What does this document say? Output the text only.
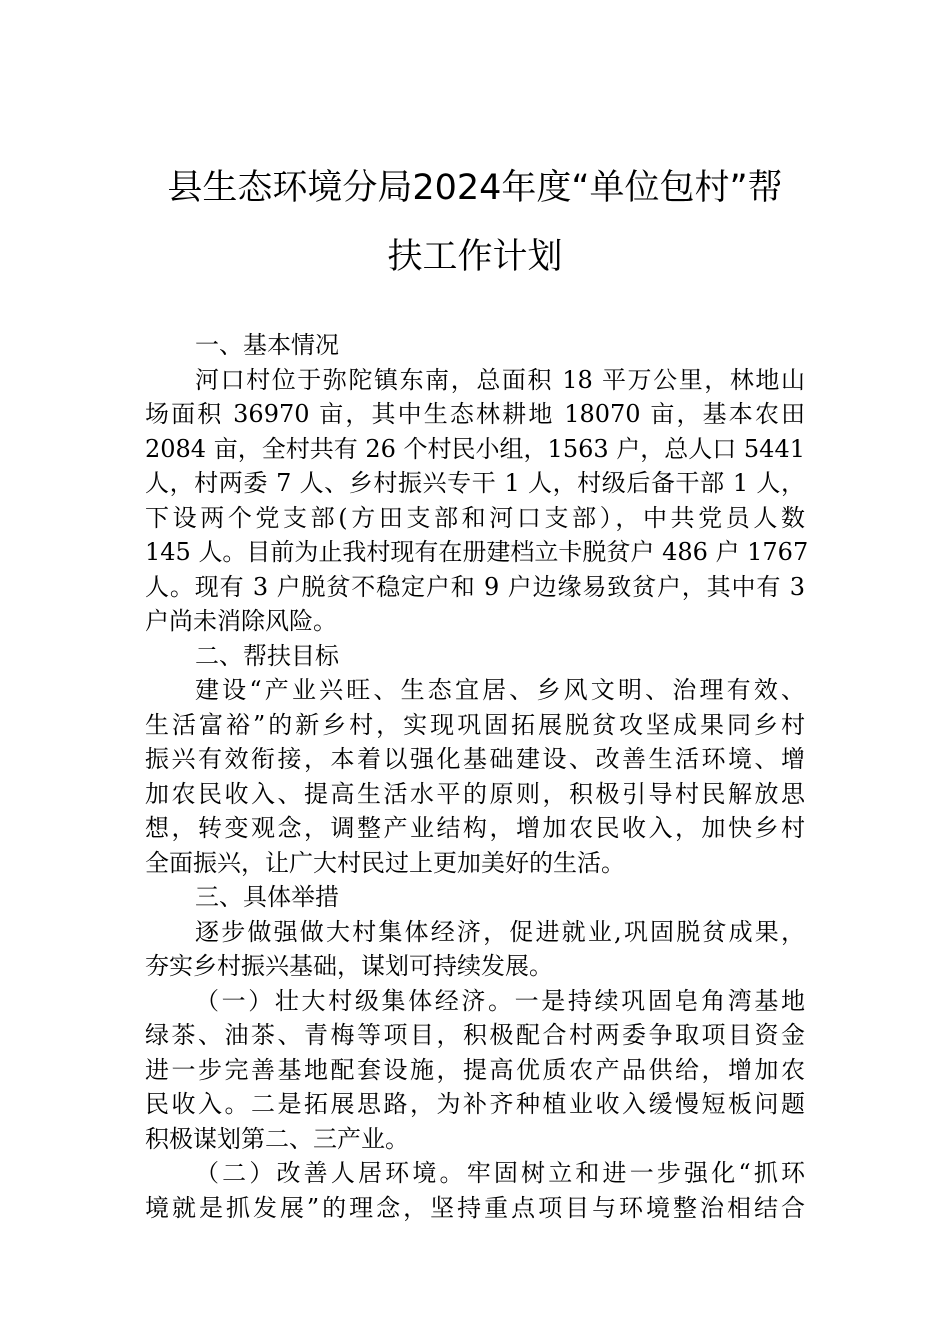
县生态环境分局2024年度“单位包村”帮
扶工作计划
一、基本情况
河口村位于弥陀镇东南，总面积 18 平万公里，林地山
场面积 36970 亩，其中生态林耕地 18070 亩，基本农田
2084 亩，全村共有 26 个村民小组，1563 户，总人口 5441
人，村两委 7 人、乡村振兴专干 1 人，村级后备干部 1 人，
下设两个党支部(方田支部和河口支部），中共党员人数
145 人。目前为止我村现有在册建档立卡脱贫户 486 户 1767
人。现有 3 户脱贫不稳定户和 9 户边缘易致贫户，其中有 3
户尚未消除风险。
二、帮扶目标
建设“产业兴旺、生态宜居、乡风文明、治理有效、
生活富裕”的新乡村，实现巩固拓展脱贫攻坚成果同乡村
振兴有效衔接，本着以强化基础建设、改善生活环境、增
加农民收入、提高生活水平的原则，积极引导村民解放思
想，转变观念，调整产业结构，增加农民收入，加快乡村
全面振兴，让广大村民过上更加美好的生活。
三、具体举措
逐步做强做大村集体经济，促进就业,巩固脱贫成果，
夯实乡村振兴基础，谋划可持续发展。
（一）壮大村级集体经济。一是持续巩固皂角湾基地
绿茶、油茶、青梅等项目，积极配合村两委争取项目资金
进一步完善基地配套设施，提高优质农产品供给，增加农
民收入。二是拓展思路，为补齐种植业收入缓慢短板问题
积极谋划第二、三产业。
（二）改善人居环境。牢固树立和进一步强化“抓环
境就是抓发展”的理念，坚持重点项目与环境整治相结合
